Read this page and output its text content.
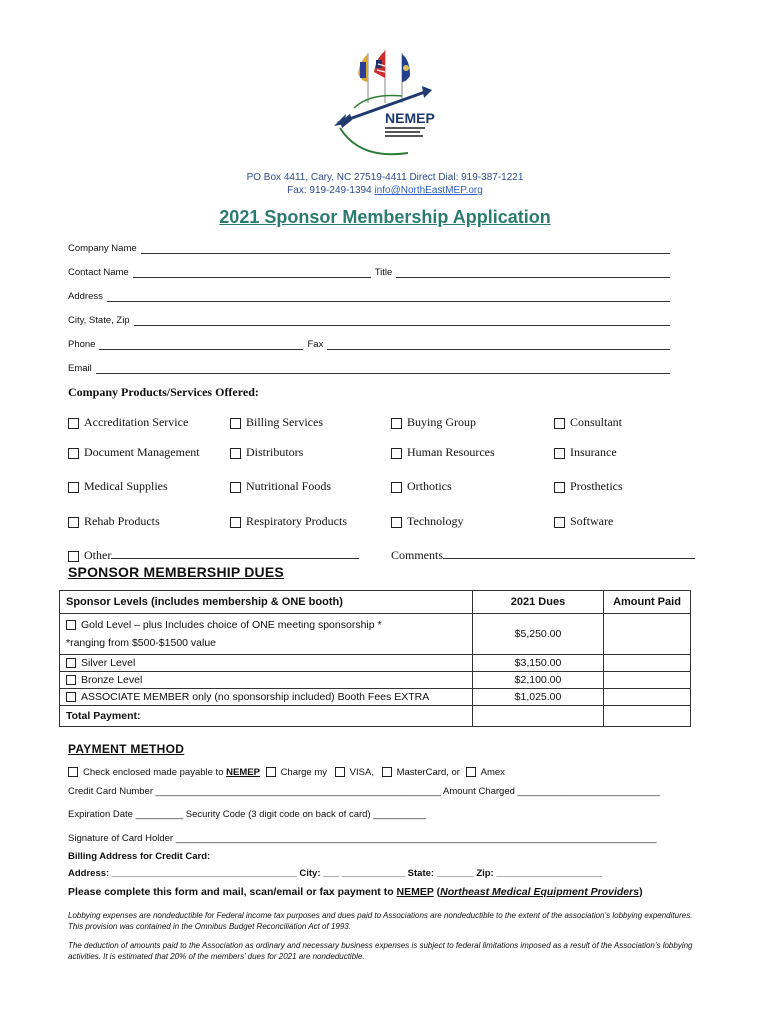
NEMEP
PO Box 4411, Cary, NC 27519-4411 Direct Dial: 919-387-1221
Fax: 919-249-1394 info@NorthEastMEP.org
2021 Sponsor Membership Application
Company Name
Contact Name	Title
Address
City, State, Zip
Phone	Fax
Email
Company Products/Services Offered:
Accreditation Service	Billing Services	Buying Group	Consultant
Document Management	Distributors	Human Resources	Insurance
Medical Supplies	Nutritional Foods	Orthotics	Prosthetics
Rehab Products	Respiratory Products	Technology	Software
Other	Comments
SPONSOR MEMBERSHIP DUES
Sponsor Levels (includes membership & ONE booth)	2021 Dues	Amount Paid
Gold Level – plus Includes choice of ONE meeting sponsorship *
*ranging from $500-$1500 value	$5,250.00	
Silver Level	$3,150.00	
Bronze Level	$2,100.00	
ASSOCIATE MEMBER only (no sponsorship included) Booth Fees EXTRA	$1,025.00	
Total Payment:		
PAYMENT METHOD
Check enclosed made payable to NEMEP Charge my VISA, MasterCard, or Amex
Credit Card Number ______________________________________________________ Amount Charged ___________________________
Expiration Date _________ Security Code (3 digit code on back of card) __________
Signature of Card Holder ___________________________________________________________________________________________
Billing Address for Credit Card:
Address: ___________________________________ City: ___ ____________ State: _______ Zip: ____________________
Please complete this form and mail, scan/email or fax payment to NEMEP (Northeast Medical Equipment Providers)
Lobbying expenses are nondeductible for Federal income tax purposes and dues paid to Associations are nondeductible to the extent of the association’s lobbying expenditures. This provision was contained in the Omnibus Budget Reconciliation Act of 1993.
The deduction of amounts paid to the Association as ordinary and necessary business expenses is subject to federal limitations imposed as a result of the Association’s lobbying activities. It is estimated that 20% of the members’ dues for 2021 are nondeductible.
